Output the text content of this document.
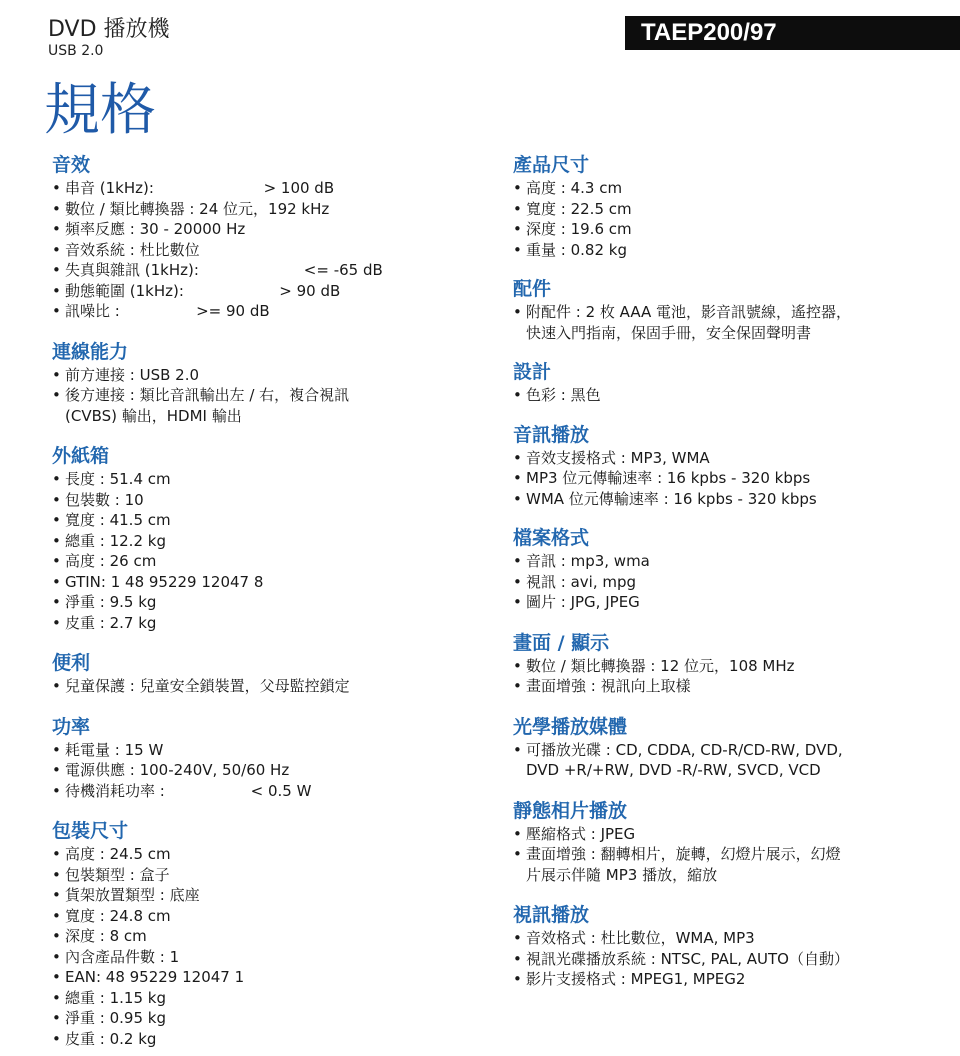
DVD 播放機
USB 2.0
TAEP200/97
規格
音效
• 串音 (1kHz):                       > 100 dB
• 數位 / 類比轉換器 : 24 位元，192 kHz
• 頻率反應 : 30 - 20000 Hz
• 音效系統 : 杜比數位
• 失真與雜訊 (1kHz):                      <= -65 dB
• 動態範圍 (1kHz):                    > 90 dB
• 訊噪比 :                >= 90 dB
連線能力
• 前方連接 : USB 2.0
• 後方連接 : 類比音訊輸出左 / 右，複合視訊
(CVBS) 輸出，HDMI 輸出
外紙箱
• 長度 : 51.4 cm
• 包裝數 : 10
• 寬度 : 41.5 cm
• 總重 : 12.2 kg
• 高度 : 26 cm
• GTIN: 1 48 95229 12047 8
• 淨重 : 9.5 kg
• 皮重 : 2.7 kg
便利
• 兒童保護 : 兒童安全鎖裝置，父母監控鎖定
功率
• 耗電量 : 15 W
• 電源供應 : 100-240V, 50/60 Hz
• 待機消耗功率 :                  < 0.5 W
包裝尺寸
• 高度 : 24.5 cm
• 包裝類型 : 盒子
• 貨架放置類型 : 底座
• 寬度 : 24.8 cm
• 深度 : 8 cm
• 內含產品件數 : 1
• EAN: 48 95229 12047 1
• 總重 : 1.15 kg
• 淨重 : 0.95 kg
• 皮重 : 0.2 kg
產品尺寸
• 高度 : 4.3 cm
• 寬度 : 22.5 cm
• 深度 : 19.6 cm
• 重量 : 0.82 kg
配件
• 附配件 : 2 枚 AAA 電池，影音訊號線，遙控器，
快速入門指南，保固手冊，安全保固聲明書
設計
• 色彩 : 黑色
音訊播放
• 音效支援格式 : MP3, WMA
• MP3 位元傳輸速率 : 16 kpbs - 320 kbps
• WMA 位元傳輸速率 : 16 kpbs - 320 kbps
檔案格式
• 音訊 : mp3, wma
• 視訊 : avi, mpg
• 圖片 : JPG, JPEG
畫面 / 顯示
• 數位 / 類比轉換器 : 12 位元，108 MHz
• 畫面增強 : 視訊向上取樣
光學播放媒體
• 可播放光碟 : CD, CDDA, CD-R/CD-RW, DVD,
DVD +R/+RW, DVD -R/-RW, SVCD, VCD
靜態相片播放
• 壓縮格式 : JPEG
• 畫面增強 : 翻轉相片，旋轉，幻燈片展示，幻燈
片展示伴隨 MP3 播放，縮放
視訊播放
• 音效格式 : 杜比數位，WMA, MP3
• 視訊光碟播放系統 : NTSC, PAL, AUTO（自動）
• 影片支援格式 : MPEG1, MPEG2
